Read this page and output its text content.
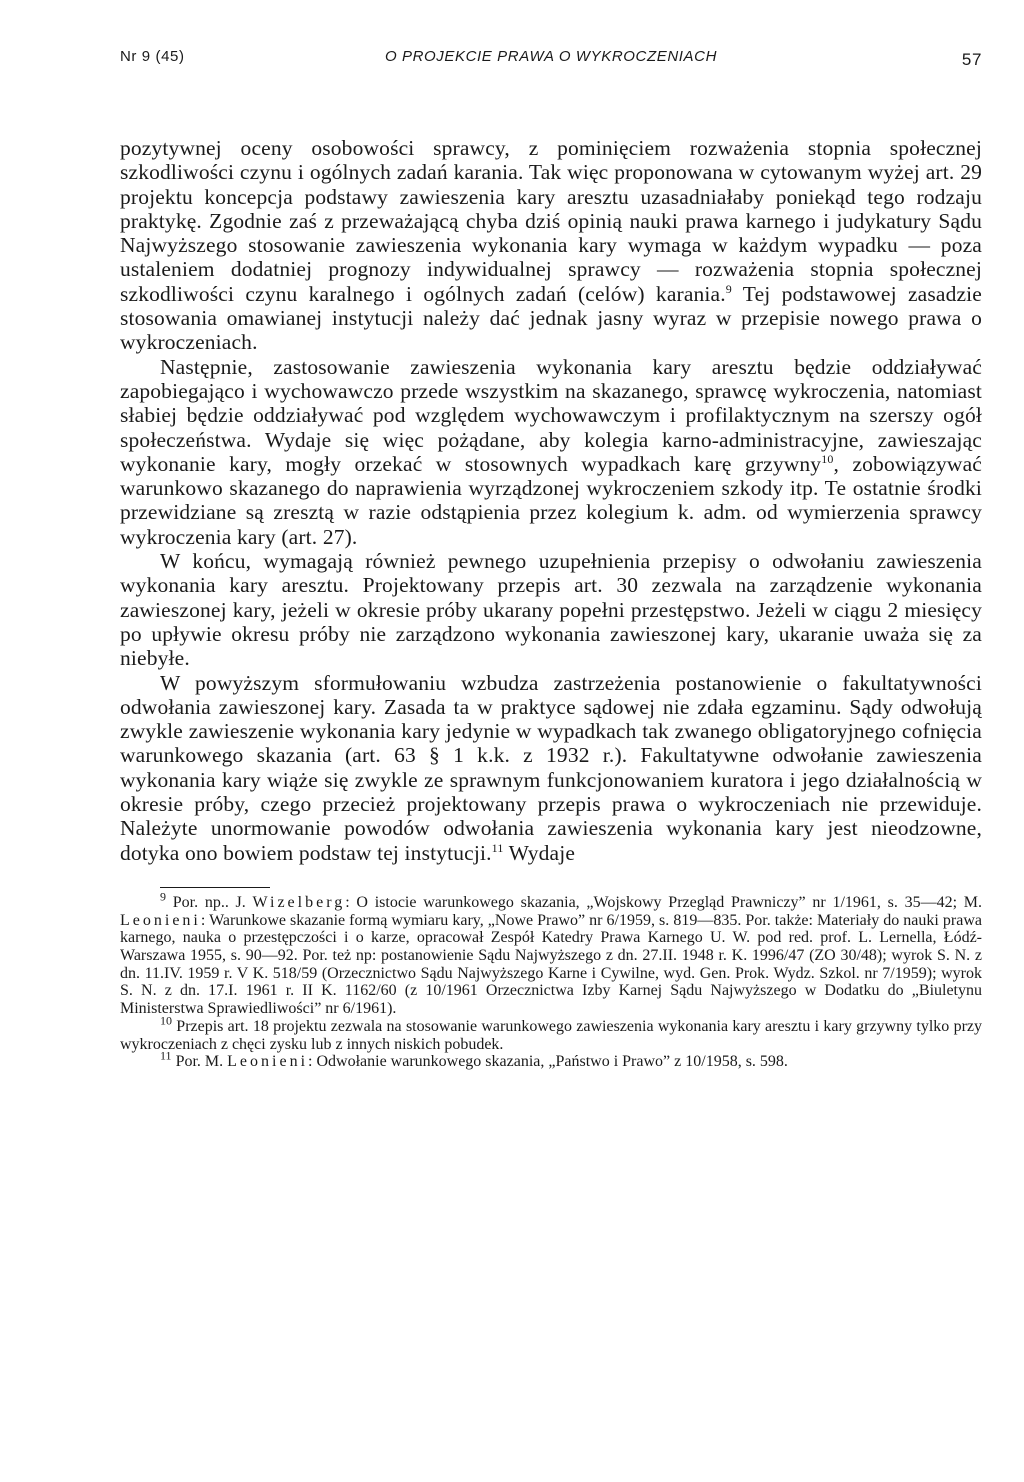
Nr 9 (45)	O PROJEKCIE PRAWA O WYKROCZENIACH	57

pozytywnej oceny osobowości sprawcy, z pominięciem rozważenia stopnia społecznej szkodliwości czynu i ogólnych zadań karania. Tak więc proponowana w cytowanym wyżej art. 29 projektu koncepcja podstawy zawieszenia kary aresztu uzasadniałaby poniekąd tego rodzaju praktykę. Zgodnie zaś z przeważającą chyba dziś opinią nauki prawa karnego i judykatury Sądu Najwyższego stosowanie zawieszenia wykonania kary wymaga w każdym wypadku — poza ustaleniem dodatniej prognozy indywidualnej sprawcy — rozważenia stopnia społecznej szkodliwości czynu karalnego i ogólnych zadań (celów) karania.$^9$ Tej podstawowej zasadzie stosowania omawianej instytucji należy dać jednak jasny wyraz w przepisie nowego prawa o wykroczeniach.

Następnie, zastosowanie zawieszenia wykonania kary aresztu będzie oddziaływać zapobiegająco i wychowawczo przede wszystkim na skazanego, sprawcę wykroczenia, natomiast słabiej będzie oddziaływać pod względem wychowawczym i profilaktycznym na szerszy ogół społeczeństwa. Wydaje się więc pożądane, aby kolegia karno-administracyjne, zawieszając wykonanie kary, mogły orzekać w stosownych wypadkach karę grzywny$^{10}$, zobowiązywać warunkowo skazanego do naprawienia wyrządzonej wykroczeniem szkody itp. Te ostatnie środki przewidziane są zresztą w razie odstąpienia przez kolegium k. adm. od wymierzenia sprawcy wykroczenia kary (art. 27).

W końcu, wymagają również pewnego uzupełnienia przepisy o odwołaniu zawieszenia wykonania kary aresztu. Projektowany przepis art. 30 zezwala na zarządzenie wykonania zawieszonej kary, jeżeli w okresie próby ukarany popełni przestępstwo. Jeżeli w ciągu 2 miesięcy po upływie okresu próby nie zarządzono wykonania zawieszonej kary, ukaranie uważa się za niebyłe.

W powyższym sformułowaniu wzbudza zastrzeżenia postanowienie o fakultatywności odwołania zawieszonej kary. Zasada ta w praktyce sądowej nie zdała egzaminu. Sądy odwołują zwykle zawieszenie wykonania kary jedynie w wypadkach tak zwanego obligatoryjnego cofnięcia warunkowego skazania (art. 63 § 1 k.k. z 1932 r.). Fakultatywne odwołanie zawieszenia wykonania kary wiąże się zwykle ze sprawnym funkcjonowaniem kuratora i jego działalnością w okresie próby, czego przecież projektowany przepis prawa o wykroczeniach nie przewiduje. Należyte unormowanie powodów odwołania zawieszenia wykonania kary jest nieodzowne, dotyka ono bowiem podstaw tej instytucji.$^{11}$ Wydaje

$^9$ Por. np.. J. Wizelberg: O istocie warunkowego skazania, „Wojskowy Przegląd Prawniczy” nr 1/1961, s. 35—42; M. Leonieni: Warunkowe skazanie formą wymiaru kary, „Nowe Prawo” nr 6/1959, s. 819—835. Por. także: Materiały do nauki prawa karnego, nauka o przestępczości i o karze, opracował Zespół Katedry Prawa Karnego U. W. pod red. prof. L. Lernella, Łódź-Warszawa 1955, s. 90—92. Por. też np: postanowienie Sądu Najwyższego z dn. 27.II. 1948 r. K. 1996/47 (ZO 30/48); wyrok S. N. z dn. 11.IV. 1959 r. V K. 518/59 (Orzecznictwo Sądu Najwyższego Karne i Cywilne, wyd. Gen. Prok. Wydz. Szkol. nr 7/1959); wyrok S. N. z dn. 17.I. 1961 r. II K. 1162/60 (z 10/1961 Orzecznictwa Izby Karnej Sądu Najwyższego w Dodatku do „Biuletynu Ministerstwa Sprawiedliwości” nr 6/1961).

$^{10}$ Przepis art. 18 projektu zezwala na stosowanie warunkowego zawieszenia wykonania kary aresztu i kary grzywny tylko przy wykroczeniach z chęci zysku lub z innych niskich pobudek.

$^{11}$ Por. M. Leonieni: Odwołanie warunkowego skazania, „Państwo i Prawo” z 10/1958, s. 598.
